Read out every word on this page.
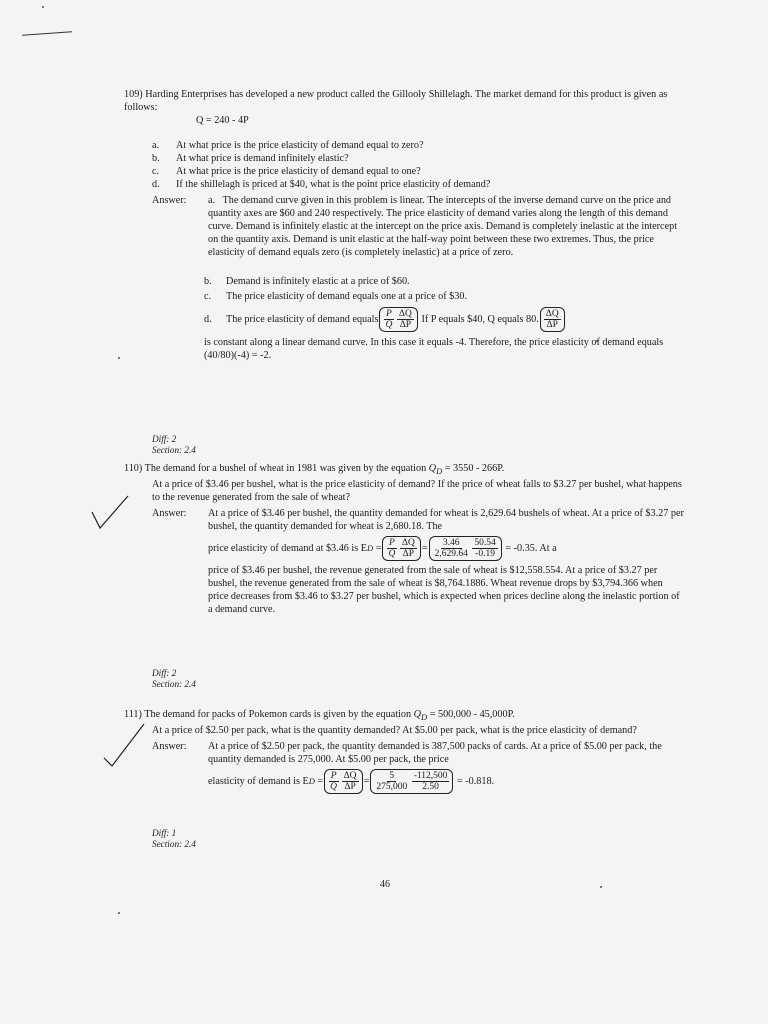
109) Harding Enterprises has developed a new product called the Gillooly Shillelagh. The market demand for this product is given as follows:

Q = 240 - 4P

a.	At what price is the price elasticity of demand equal to zero?
b.	At what price is demand infinitely elastic?
c.	At what price is the price elasticity of demand equal to one?
d.	If the shillelagh is priced at $40, what is the point price elasticity of demand?
Answer:	a. The demand curve given in this problem is linear. The intercepts of the inverse demand curve on the price and quantity axes are $60 and 240 respectively. The price elasticity of demand varies along the length of this demand curve. Demand is infinitely elastic at the intercept on the price axis. Demand is completely inelastic at the intercept on the quantity axis. Demand is unit elastic at the half-way point between these two extremes. Thus, the price elasticity of demand equals zero (is completely inelastic) at a price of zero.
b.	Demand is infinitely elastic at a price of $60.
c.	The price elasticity of demand equals one at a price of $30.
d.	The price elasticity of demand equals $\frac{P}{Q}$
$\frac{\Delta Q}{\Delta P}$
If P equals $40, Q equals 80. $\frac{\Delta Q}{\Delta P}$

is constant along a linear demand curve. In this case it equals -4. Therefore, the price elasticity of demand equals (40/80)(-4) = -2.

Diff: 2
Section: 2.4

110) The demand for a bushel of wheat in 1981 was given by the equation $Q_D = 3550 - 266P$.

At a price of $3.46 per bushel, what is the price elasticity of demand? If the price of wheat falls to $3.27 per bushel, what happens to the revenue generated from the sale of wheat?

Answer:	At a price of $3.46 per bushel, the quantity demanded for wheat is 2,629.64 bushels of wheat. At a price of $3.27 per bushel, the quantity demanded for wheat is 2,680.18. The

price elasticity of demand at $3.46 is E $D = \frac{P}{Q}$
$\frac{\Delta Q}{\Delta P} = \frac{3.46}{2,629.64}$
$\frac{50.54}{-0.19}$
= -0.35. At a

price of $3.46 per bushel, the revenue generated from the sale of wheat is $12,558.554. At a price of $3.27 per bushel, the revenue generated from the sale of wheat is $8,764.1886. Wheat revenue drops by $3,794.366 when price decreases from $3.46 to $3.27 per bushel, which is expected when prices decline along the inelastic portion of a demand curve.

Diff: 2
Section: 2.4

111) The demand for packs of Pokemon cards is given by the equation $Q_D = 500,000 - 45,000P$.

At a price of $2.50 per pack, what is the quantity demanded? At $5.00 per pack, what is the price elasticity of demand?

Answer:	At a price of $2.50 per pack, the quantity demanded is 387,500 packs of cards. At a price of $5.00 per pack, the quantity demanded is 275,000. At $5.00 per pack, the price

elasticity of demand is E $D = \frac{P}{Q}$
$\frac{\Delta Q}{\Delta P} = \frac{5}{275,000}$
$\frac{-112,500}{2.50}$
= -0.818.

Diff: 1
Section: 2.4
46
